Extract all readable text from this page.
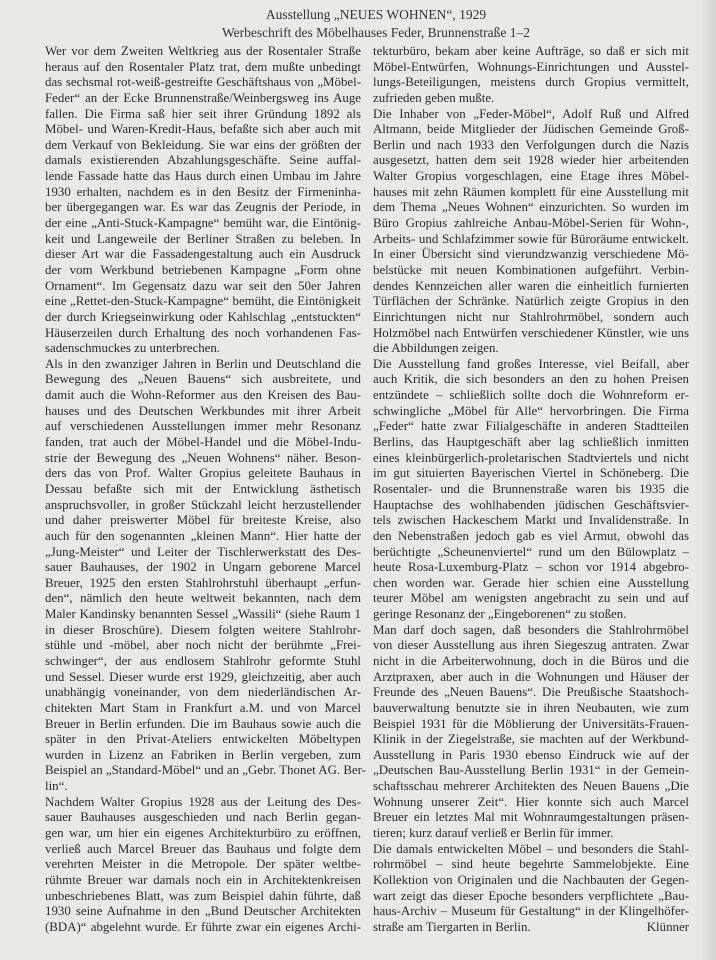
Ausstellung „NEUES WOHNEN“, 1929
Werbeschrift des Möbelhauses Feder, Brunnenstraße 1–2
Wer vor dem Zweiten Weltkrieg aus der Rosentaler Straße
heraus auf den Rosentaler Platz trat, dem mußte unbedingt
das sechsmal rot-weiß-gestreifte Geschäftshaus von „Möbel-
Feder“ an der Ecke Brunnenstraße/Weinbergsweg ins Auge
fallen. Die Firma saß hier seit ihrer Gründung 1892 als
Möbel- und Waren-Kredit-Haus, befaßte sich aber auch mit
dem Verkauf von Bekleidung. Sie war eins der größten der
damals existierenden Abzahlungsgeschäfte. Seine auffal-
lende Fassade hatte das Haus durch einen Umbau im Jahre
1930 erhalten, nachdem es in den Besitz der Firmeninha-
ber übergegangen war. Es war das Zeugnis der Periode, in
der eine „Anti-Stuck-Kampagne“ bemüht war, die Eintönig-
keit und Langeweile der Berliner Straßen zu beleben. In
dieser Art war die Fassadengestaltung auch ein Ausdruck
der vom Werkbund betriebenen Kampagne „Form ohne
Ornament“. Im Gegensatz dazu war seit den 50er Jahren
eine „Rettet-den-Stuck-Kampagne“ bemüht, die Eintönigkeit
der durch Kriegseinwirkung oder Kahlschlag „entstuckten“
Häuserzeilen durch Erhaltung des noch vorhandenen Fas-
sadenschmuckes zu unterbrechen.
Als in den zwanziger Jahren in Berlin und Deutschland die
Bewegung des „Neuen Bauens“ sich ausbreitete, und
damit auch die Wohn-Reformer aus den Kreisen des Bau-
hauses und des Deutschen Werkbundes mit ihrer Arbeit
auf verschiedenen Ausstellungen immer mehr Resonanz
fanden, trat auch der Möbel-Handel und die Möbel-Indu-
strie der Bewegung des „Neuen Wohnens“ näher. Beson-
ders das von Prof. Walter Gropius geleitete Bauhaus in
Dessau befaßte sich mit der Entwicklung ästhetisch
anspruchsvoller, in großer Stückzahl leicht herzustellender
und daher preiswerter Möbel für breiteste Kreise, also
auch für den sogenannten „kleinen Mann“. Hier hatte der
„Jung-Meister“ und Leiter der Tischlerwerkstatt des Des-
sauer Bauhauses, der 1902 in Ungarn geborene Marcel
Breuer, 1925 den ersten Stahlrohrstuhl überhaupt „erfun-
den“, nämlich den heute weltweit bekannten, nach dem
Maler Kandinsky benannten Sessel „Wassili“ (siehe Raum 1
in dieser Broschüre). Diesem folgten weitere Stahlrohr-
stühle und -möbel, aber noch nicht der berühmte „Frei-
schwinger“, der aus endlosem Stahlrohr geformte Stuhl
und Sessel. Dieser wurde erst 1929, gleichzeitig, aber auch
unabhängig voneinander, von dem niederländischen Ar-
chitekten Mart Stam in Frankfurt a.M. und von Marcel
Breuer in Berlin erfunden. Die im Bauhaus sowie auch die
später in den Privat-Ateliers entwickelten Möbeltypen
wurden in Lizenz an Fabriken in Berlin vergeben, zum
Beispiel an „Standard-Möbel“ und an „Gebr. Thonet AG. Ber-
lin“.
Nachdem Walter Gropius 1928 aus der Leitung des Des-
sauer Bauhauses ausgeschieden und nach Berlin gegan-
gen war, um hier ein eigenes Architekturbüro zu eröffnen,
verließ auch Marcel Breuer das Bauhaus und folgte dem
verehrten Meister in die Metropole. Der später weltbe-
rühmte Breuer war damals noch ein in Architektenkreisen
unbeschriebenes Blatt, was zum Beispiel dahin führte, daß
1930 seine Aufnahme in den „Bund Deutscher Architekten
(BDA)“ abgelehnt wurde. Er führte zwar ein eigenes Archi-
tekturbüro, bekam aber keine Aufträge, so daß er sich mit
Möbel-Entwürfen, Wohnungs-Einrichtungen und Ausstel-
lungs-Beteiligungen, meistens durch Gropius vermittelt,
zufrieden geben mußte.
Die Inhaber von „Feder-Möbel“, Adolf Ruß und Alfred
Altmann, beide Mitglieder der Jüdischen Gemeinde Groß-
Berlin und nach 1933 den Verfolgungen durch die Nazis
ausgesetzt, hatten dem seit 1928 wieder hier arbeitenden
Walter Gropius vorgeschlagen, eine Etage ihres Möbel-
hauses mit zehn Räumen komplett für eine Ausstellung mit
dem Thema „Neues Wohnen“ einzurichten. So wurden im
Büro Gropius zahlreiche Anbau-Möbel-Serien für Wohn-,
Arbeits- und Schlafzimmer sowie für Büroräume entwickelt.
In einer Übersicht sind vierundzwanzig verschiedene Mö-
belstücke mit neuen Kombinationen aufgeführt. Verbin-
dendes Kennzeichen aller waren die einheitlich furnierten
Türflächen der Schränke. Natürlich zeigte Gropius in den
Einrichtungen nicht nur Stahlrohrmöbel, sondern auch
Holzmöbel nach Entwürfen verschiedener Künstler, wie uns
die Abbildungen zeigen.
Die Ausstellung fand großes Interesse, viel Beifall, aber
auch Kritik, die sich besonders an den zu hohen Preisen
entzündete – schließlich sollte doch die Wohnreform er-
schwingliche „Möbel für Alle“ hervorbringen. Die Firma
„Feder“ hatte zwar Filialgeschäfte in anderen Stadtteilen
Berlins, das Hauptgeschäft aber lag schließlich inmitten
eines kleinbürgerlich-proletarischen Stadtviertels und nicht
im gut situierten Bayerischen Viertel in Schöneberg. Die
Rosentaler- und die Brunnenstraße waren bis 1935 die
Hauptachse des wohlhabenden jüdischen Geschäftsvier-
tels zwischen Hackeschem Markt und Invalidenstraße. In
den Nebenstraßen jedoch gab es viel Armut, obwohl das
berüchtigte „Scheunenviertel“ rund um den Bülowplatz –
heute Rosa-Luxemburg-Platz – schon vor 1914 abgebro-
chen worden war. Gerade hier schien eine Ausstellung
teurer Möbel am wenigsten angebracht zu sein und auf
geringe Resonanz der „Eingeborenen“ zu stoßen.
Man darf doch sagen, daß besonders die Stahlrohrmöbel
von dieser Ausstellung aus ihren Siegeszug antraten. Zwar
nicht in die Arbeiterwohnung, doch in die Büros und die
Arztpraxen, aber auch in die Wohnungen und Häuser der
Freunde des „Neuen Bauens“. Die Preußische Staatshoch-
bauverwaltung benutzte sie in ihren Neubauten, wie zum
Beispiel 1931 für die Möblierung der Universitäts-Frauen-
Klinik in der Ziegelstraße, sie machten auf der Werkbund-
Ausstellung in Paris 1930 ebenso Eindruck wie auf der
„Deutschen Bau-Ausstellung Berlin 1931“ in der Gemein-
schaftsschau mehrerer Architekten des Neuen Bauens „Die
Wohnung unserer Zeit“. Hier konnte sich auch Marcel
Breuer ein letztes Mal mit Wohnraumgestaltungen präsen-
tieren; kurz darauf verließ er Berlin für immer.
Die damals entwickelten Möbel – und besonders die Stahl-
rohrmöbel – sind heute begehrte Sammelobjekte. Eine
Kollektion von Originalen und die Nachbauten der Gegen-
wart zeigt das dieser Epoche besonders verpflichtete „Bau-
haus-Archiv – Museum für Gestaltung“ in der Klingelhöfer-
straße am Tiergarten in Berlin.	Klünner
